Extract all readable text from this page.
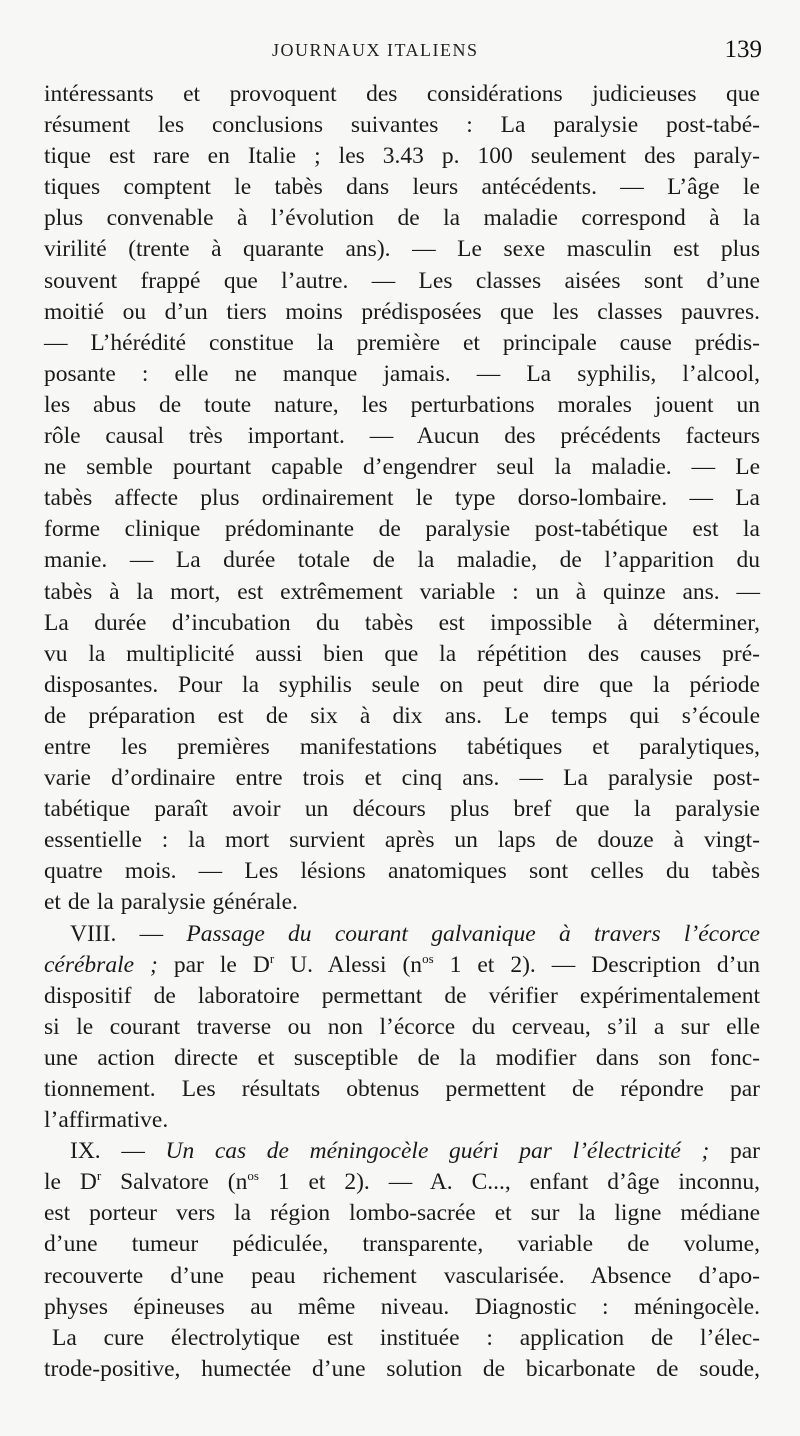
JOURNAUX ITALIENS	139
intéressants et provoquent des considérations judicieuses que
résument les conclusions suivantes : La paralysie post-tabé-
tique est rare en Italie ; les 3.43 p. 100 seulement des paraly-
tiques comptent le tabès dans leurs antécédents. — L’âge le
plus convenable à l’évolution de la maladie correspond à la
virilité (trente à quarante ans). — Le sexe masculin est plus
souvent frappé que l’autre. — Les classes aisées sont d’une
moitié ou d’un tiers moins prédisposées que les classes pauvres.
— L’hérédité constitue la première et principale cause prédis-
posante : elle ne manque jamais. — La syphilis, l’alcool,
les abus de toute nature, les perturbations morales jouent un
rôle causal très important. — Aucun des précédents facteurs
ne semble pourtant capable d’engendrer seul la maladie. — Le
tabès affecte plus ordinairement le type dorso-lombaire. — La
forme clinique prédominante de paralysie post-tabétique est la
manie. — La durée totale de la maladie, de l’apparition du
tabès à la mort, est extrêmement variable : un à quinze ans. —
La durée d’incubation du tabès est impossible à déterminer,
vu la multiplicité aussi bien que la répétition des causes pré-
disposantes. Pour la syphilis seule on peut dire que la période
de préparation est de six à dix ans. Le temps qui s’écoule
entre les premières manifestations tabétiques et paralytiques,
varie d’ordinaire entre trois et cinq ans. — La paralysie post-
tabétique paraît avoir un décours plus bref que la paralysie
essentielle : la mort survient après un laps de douze à vingt-
quatre mois. — Les lésions anatomiques sont celles du tabès
et de la paralysie générale.
VIII. — Passage du courant galvanique à travers l’écorce
cérébrale ; par le $D^r$ U. Alessi ($n^{os}$ 1 et 2). — Description d’un
dispositif de laboratoire permettant de vérifier expérimentalement
si le courant traverse ou non l’écorce du cerveau, s’il a sur elle
une action directe et susceptible de la modifier dans son fonc-
tionnement. Les résultats obtenus permettent de répondre par
l’affirmative.
IX. — Un cas de méningocèle guéri par l’électricité ; par
le $D^r$ Salvatore ($n^{os}$ 1 et 2). — A. C..., enfant d’âge inconnu,
est porteur vers la région lombo-sacrée et sur la ligne médiane
d’une tumeur pédiculée, transparente, variable de volume,
recouverte d’une peau richement vascularisée. Absence d’apo-
physes épineuses au même niveau. Diagnostic : méningocèle.
La cure électrolytique est instituée : application de l’élec-
trode-positive, humectée d’une solution de bicarbonate de soude,
